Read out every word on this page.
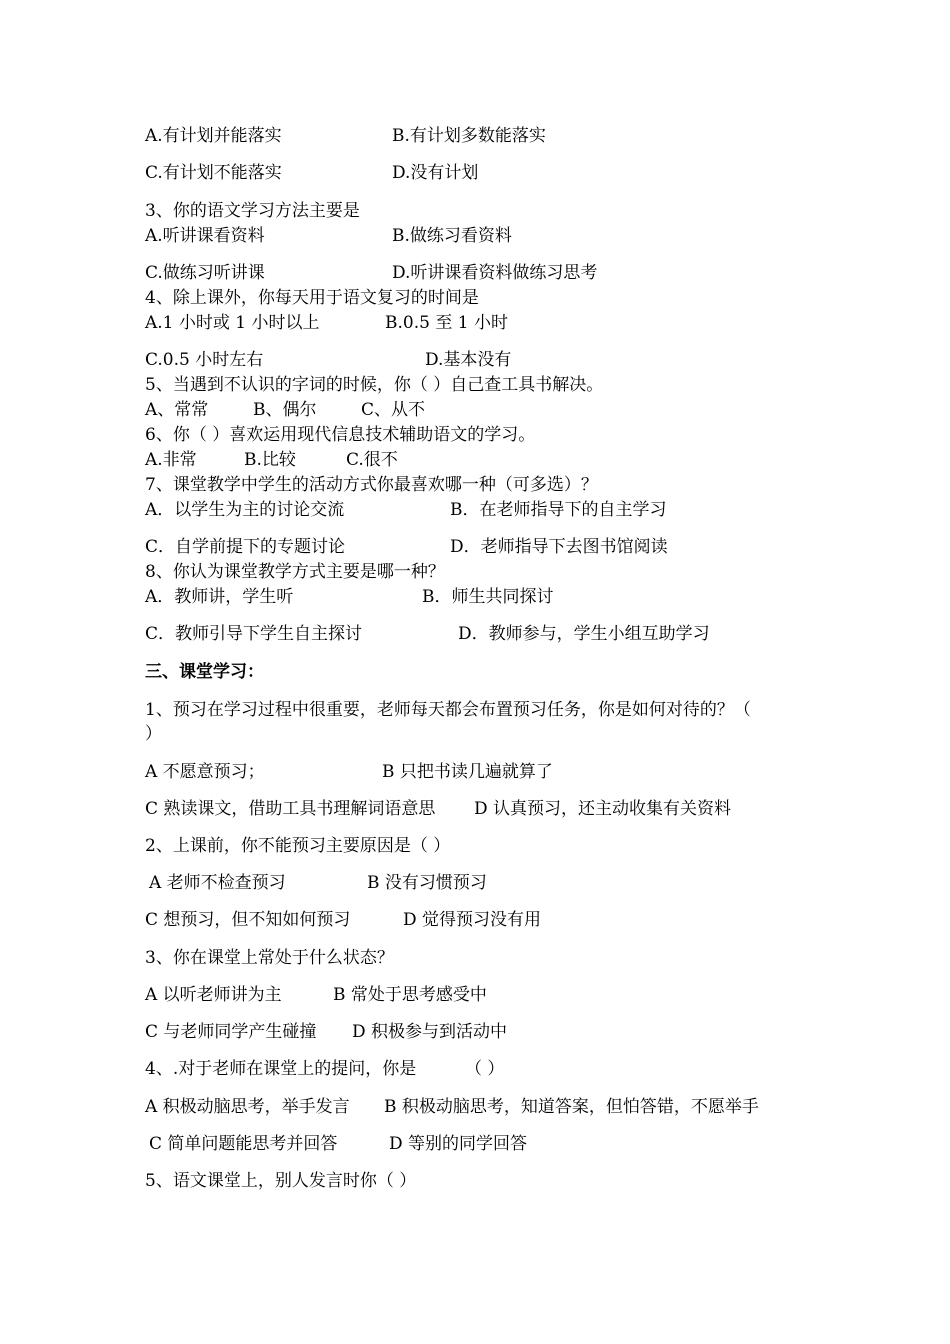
A.有计划并能落实	B.有计划多数能落实
C.有计划不能落实	D.没有计划
3、你的语文学习方法主要是
A.听讲课看资料	B.做练习看资料
C.做练习听讲课	D.听讲课看资料做练习思考
4、除上课外，你每天用于语文复习的时间是
A.1 小时或 1 小时以上	B.0.5 至 1 小时
C.0.5 小时左右	D.基本没有
5、当遇到不认识的字词的时候，你（ ）自己查工具书解决。
A、常常	B、偶尔	C、从不
6、你（ ）喜欢运用现代信息技术辅助语文的学习。
A.非常	B.比较	C.很不
7、课堂教学中学生的活动方式你最喜欢哪一种（可多选）？
A．以学生为主的讨论交流	B．在老师指导下的自主学习
C．自学前提下的专题讨论	D．老师指导下去图书馆阅读
8、你认为课堂教学方式主要是哪一种？
A．教师讲，学生听	B．师生共同探讨
C．教师引导下学生自主探讨	D．教师参与，学生小组互助学习
三、课堂学习：
1、预习在学习过程中很重要，老师每天都会布置预习任务，你是如何对待的？（
）
A 不愿意预习；	B 只把书读几遍就算了
C 熟读课文，借助工具书理解词语意思 D 认真预习，还主动收集有关资料
2、上课前，你不能预习主要原因是（ ）
A 老师不检查预习	B 没有习惯预习
C 想预习，但不知如何预习	D 觉得预习没有用
3、你在课堂上常处于什么状态？
A 以听老师讲为主	B 常处于思考感受中
C 与老师同学产生碰撞 D 积极参与到活动中
4、.对于老师在课堂上的提问，你是	（ ）
A 积极动脑思考，举手发言 B 积极动脑思考，知道答案，但怕答错，不愿举手
C 简单问题能思考并回答	D 等别的同学回答
5、语文课堂上，别人发言时你（ ）
